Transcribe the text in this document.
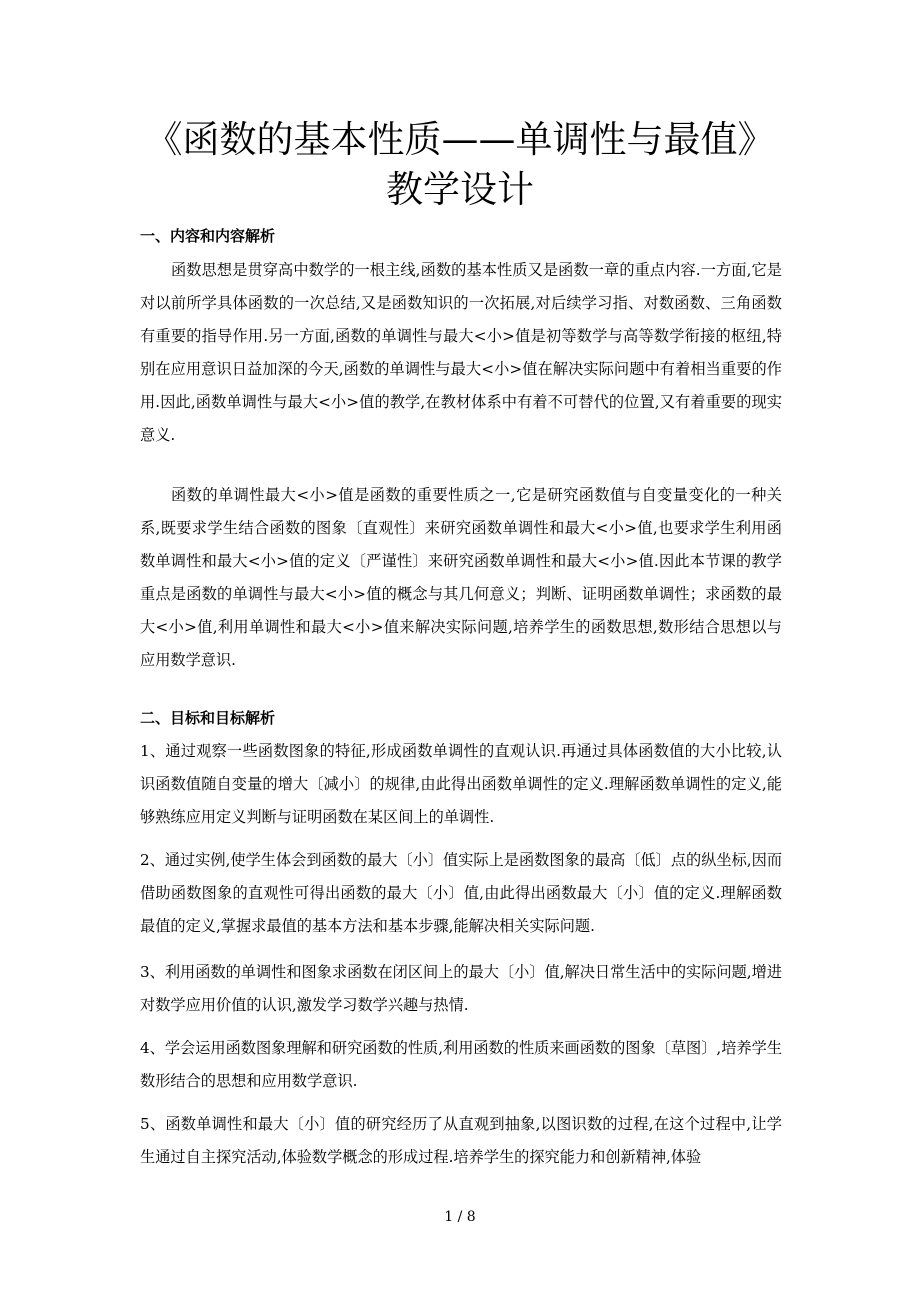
《函数的基本性质——单调性与最值》
教学设计
一、内容和内容解析
函数思想是贯穿高中数学的一根主线,函数的基本性质又是函数一章的重点内容.一方面,它是对以前所学具体函数的一次总结,又是函数知识的一次拓展,对后续学习指、对数函数、三角函数有重要的指导作用.另一方面,函数的单调性与最大<小>值是初等数学与高等数学衔接的枢纽,特别在应用意识日益加深的今天,函数的单调性与最大<小>值在解决实际问题中有着相当重要的作用.因此,函数单调性与最大<小>值的教学,在教材体系中有着不可替代的位置,又有着重要的现实意义.
函数的单调性最大<小>值是函数的重要性质之一,它是研究函数值与自变量变化的一种关系,既要求学生结合函数的图象〔直观性〕来研究函数单调性和最大<小>值,也要求学生利用函数单调性和最大<小>值的定义〔严谨性〕来研究函数单调性和最大<小>值.因此本节课的教学重点是函数的单调性与最大<小>值的概念与其几何意义；判断、证明函数单调性；求函数的最大<小>值,利用单调性和最大<小>值来解决实际问题,培养学生的函数思想,数形结合思想以与应用数学意识.
二、目标和目标解析
1、通过观察一些函数图象的特征,形成函数单调性的直观认识.再通过具体函数值的大小比较,认识函数值随自变量的增大〔减小〕的规律,由此得出函数单调性的定义.理解函数单调性的定义,能够熟练应用定义判断与证明函数在某区间上的单调性.
2、通过实例,使学生体会到函数的最大〔小〕值实际上是函数图象的最高〔低〕点的纵坐标,因而借助函数图象的直观性可得出函数的最大〔小〕值,由此得出函数最大〔小〕值的定义.理解函数最值的定义,掌握求最值的基本方法和基本步骤,能解决相关实际问题.
3、利用函数的单调性和图象求函数在闭区间上的最大〔小〕值,解决日常生活中的实际问题,增进对数学应用价值的认识,激发学习数学兴趣与热情.
4、学会运用函数图象理解和研究函数的性质,利用函数的性质来画函数的图象〔草图〕,培养学生数形结合的思想和应用数学意识.
5、函数单调性和最大〔小〕值的研究经历了从直观到抽象,以图识数的过程,在这个过程中,让学生通过自主探究活动,体验数学概念的形成过程.培养学生的探究能力和创新精神,体验
1 / 8
